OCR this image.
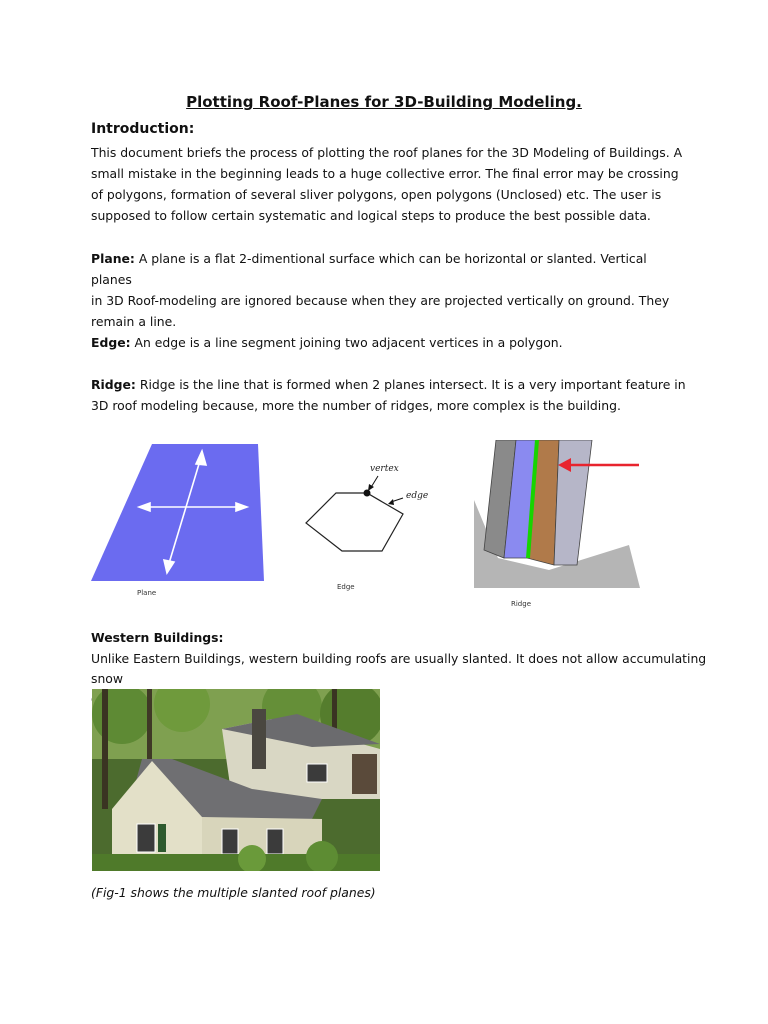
Plotting Roof-Planes for 3D-Building Modeling.
Introduction:
This document briefs the process of plotting the roof planes for the 3D Modeling of Buildings. A
small mistake in the beginning leads to a huge collective error. The final error may be crossing
of polygons, formation of several sliver polygons, open polygons (Unclosed) etc. The user is
supposed to follow certain systematic and logical steps to produce the best possible data.
Plane: A plane is a flat 2-dimentional surface which can be horizontal or slanted. Vertical planes
in 3D Roof-modeling are ignored because when they are projected vertically on ground. They
remain a line.
Edge: An edge is a line segment joining two adjacent vertices in a polygon.
Ridge: Ridge is the line that is formed when 2 planes intersect. It is a very important feature in
3D roof modeling because, more the number of ridges, more complex is the building.
Plane
vertex
edge
Edge
Ridge
Western Buildings:
Unlike Eastern Buildings, western building roofs are usually slanted. It does not allow accumulating snow
(Fig-1 shows the multiple slanted roof planes)
